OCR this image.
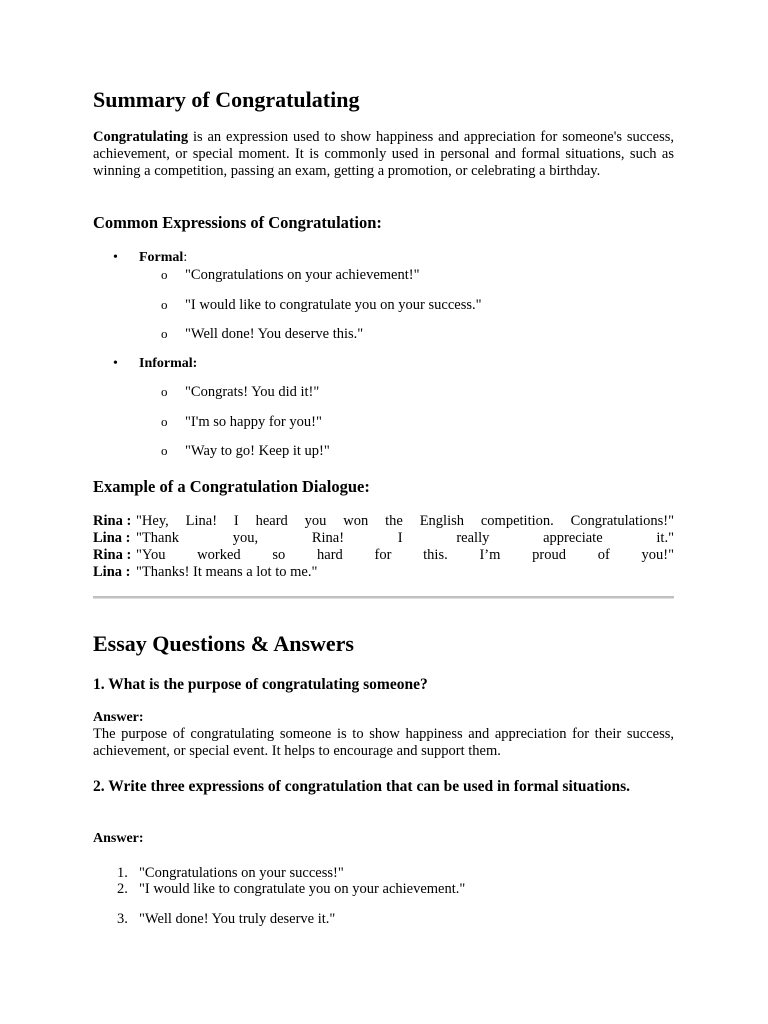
Summary of Congratulating

Congratulating is an expression used to show happiness and appreciation for someone's success, achievement, or special moment. It is commonly used in personal and formal situations, such as winning a competition, passing an exam, getting a promotion, or celebrating a birthday.

Common Expressions of Congratulation:
• Formal:
o "Congratulations on your achievement!"
o "I would like to congratulate you on your success."
o "Well done! You deserve this."
• Informal:
o "Congrats! You did it!"
o "I'm so happy for you!"
o "Way to go! Keep it up!"
Example of a Congratulation Dialogue:
Rina : "Hey, Lina! I heard you won the English competition. Congratulations!"
Lina : "Thank you, Rina! I really appreciate it."
Rina : "You worked so hard for this. I’m proud of you!"
Lina : "Thanks! It means a lot to me."
Essay Questions & Answers
1. What is the purpose of congratulating someone?
Answer:

The purpose of congratulating someone is to show happiness and appreciation for their success, achievement, or special event. It helps to encourage and support them.

2. Write three expressions of congratulation that can be used in formal situations.
Answer:
1. "Congratulations on your success!"
2. "I would like to congratulate you on your achievement."
3. "Well done! You truly deserve it."
